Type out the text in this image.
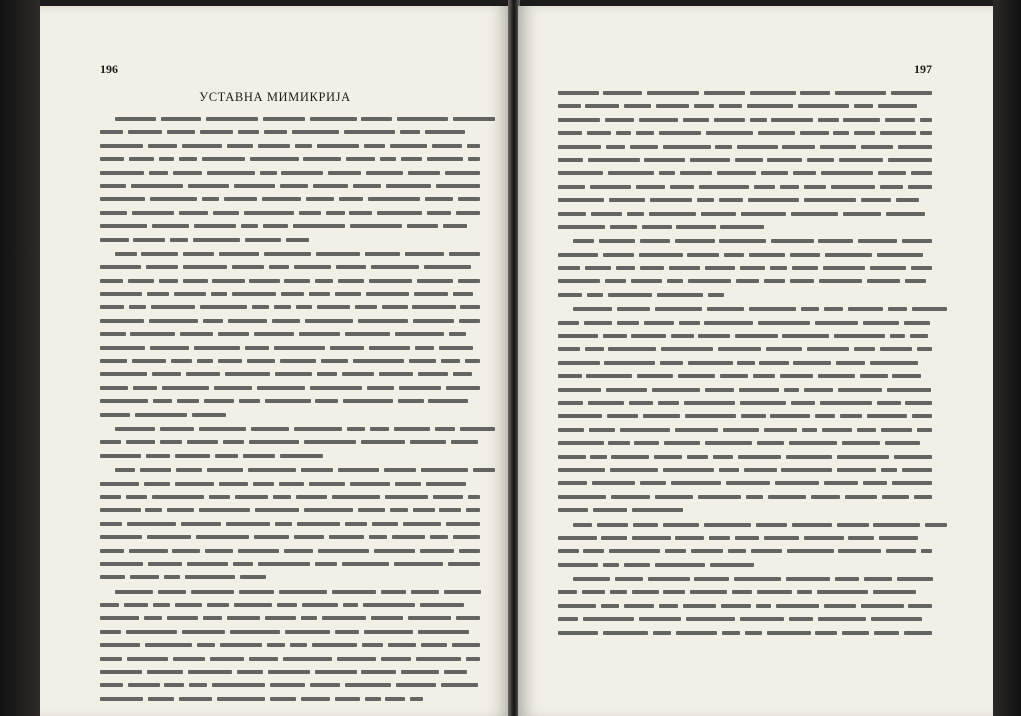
196
УСТАВНА МИМИКРИЈА
197
